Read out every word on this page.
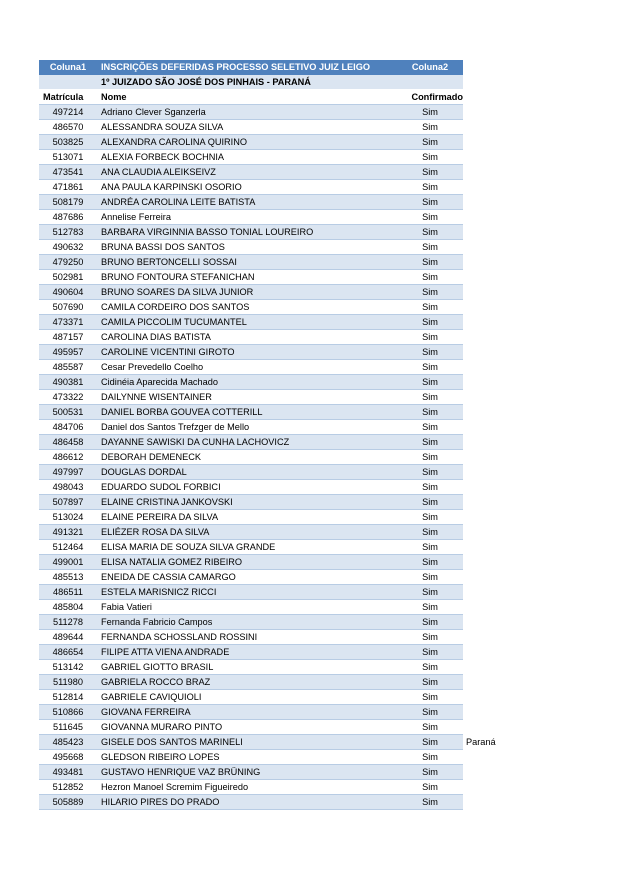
Coluna1	INSCRIÇÕES DEFERIDAS PROCESSO SELETIVO JUIZ LEIGO	Coluna2
1º JUIZADO SÃO JOSÉ DOS PINHAIS - PARANÁ
Matrícula	Nome	Confirmado
497214	Adriano Clever Sganzerla	Sim
486570	ALESSANDRA SOUZA SILVA	Sim
503825	ALEXANDRA CAROLINA QUIRINO	Sim
513071	ALEXIA FORBECK BOCHNIA	Sim
473541	ANA CLAUDIA ALEIKSEIVZ	Sim
471861	ANA PAULA KARPINSKI OSORIO	Sim
508179	ANDRÉA CAROLINA LEITE BATISTA	Sim
487686	Annelise Ferreira	Sim
512783	BARBARA VIRGINNIA BASSO TONIAL LOUREIRO	Sim
490632	BRUNA BASSI DOS SANTOS	Sim
479250	BRUNO BERTONCELLI SOSSAI	Sim
502981	BRUNO FONTOURA STEFANICHAN	Sim
490604	BRUNO SOARES DA SILVA JUNIOR	Sim
507690	CAMILA CORDEIRO DOS SANTOS	Sim
473371	CAMILA PICCOLIM TUCUMANTEL	Sim
487157	CAROLINA DIAS BATISTA	Sim
495957	CAROLINE VICENTINI GIROTO	Sim
485587	Cesar Prevedello Coelho	Sim
490381	Cidinéia Aparecida Machado	Sim
473322	DAILYNNE WISENTAINER	Sim
500531	DANIEL BORBA GOUVEA COTTERILL	Sim
484706	Daniel dos Santos Trefzger de Mello	Sim
486458	DAYANNE SAWISKI DA CUNHA LACHOVICZ	Sim
486612	DEBORAH DEMENECK	Sim
497997	DOUGLAS DORDAL	Sim
498043	EDUARDO SUDOL FORBICI	Sim
507897	ELAINE CRISTINA JANKOVSKI	Sim
513024	ELAINE PEREIRA DA SILVA	Sim
491321	ELIÉZER ROSA DA SILVA	Sim
512464	ELISA MARIA DE SOUZA SILVA GRANDE	Sim
499001	ELISA NATALIA GOMEZ RIBEIRO	Sim
485513	ENEIDA DE CASSIA CAMARGO	Sim
486511	ESTELA MARISNICZ RICCI	Sim
485804	Fabia Vatieri	Sim
511278	Fernanda Fabricio Campos	Sim
489644	FERNANDA SCHOSSLAND ROSSINI	Sim
486654	FILIPE ATTA VIENA ANDRADE	Sim
513142	GABRIEL GIOTTO BRASIL	Sim
511980	GABRIELA ROCCO BRAZ	Sim
512814	GABRIELE CAVIQUIOLI	Sim
510866	GIOVANA FERREIRA	Sim
511645	GIOVANNA MURARO PINTO	Sim
485423	GISELE DOS SANTOS MARINELI	Sim	Paraná
495668	GLEDSON RIBEIRO LOPES	Sim
493481	GUSTAVO HENRIQUE VAZ BRÜNING	Sim
512852	Hezron Manoel Scremim Figueiredo	Sim
505889	HILARIO PIRES DO PRADO	Sim
